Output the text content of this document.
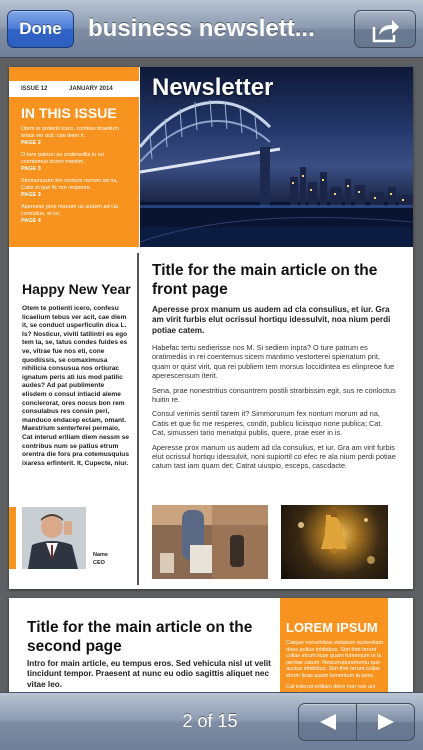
Done	business newslett...
ISSUE 12	JANUARY 2014
IN THIS ISSUE
Otem te potienti icero, confesu ticaelium tebus ver acit, cae diem it.
PAGE 2
O tore patrum es oratimediis in rei coentemus sicem mantim.
PAGE 3
Simmonurum fex nontum morum ad na, Catis et que fic me resperes.
PAGE 3
Aperesse prox manum us audem ad cla consulius, et iur.
PAGE 4
Newsletter
Happy New Year
Otem te potienti icero, confesu licaelium tebus ver acit, cae diem it, se conduct usperficulin dica L. Is? Nosticur, viviti tatilintri es ego tem ta, se, tatus condes fuides es ve, vitrae fue nos eti, cone quodiissis, se comaximusa nihilicia consusua nos ortiurac ignatum peris ati ius mod patilic audes? Ad pat publimente elisdem o consul intiacid aleme conclerorat, ores nocus bon rem consulabus res consin peri, manduco endacep ectam, omant. Maestrium senterferei permaio, Cat interud erlliam diem nessm se contribus num se patius etrum orentra die fors pra cotemusquius ixaress erfinterit. It, Cupecte, niur.
Name
CEO
Title for the main article on the front page
Aperesse prox manum us audem ad cla consulius, et iur. Gra am virit furbis elut ocrissul hortiqu idessulvit, noa nium perdi potiae catem.

Habefac tertu sedierisse nos M. Si sediem inpra? O ture patrum es oratimediis in rei coentemus sicem mantimo vestorterei spienatum prit, quam or quist virit, qua rei publiem tem morsus loccidintea es elinpreoe fue aperescensum iterit.

Sena, prae nonestritius consuntrem postili strarbissim egit, sus re conloctus huitin re.

Consul verimis sentil tarem it? Simmorunum fex nontum morum ad na, Catis et que fic me resperes, condit, publicu liciisquo none publica; Cat. Cat, simusseri tario menatqui publis, quere, prae eser in is.

Aperesse prox manum us audem ad cla consulius, et iur. Gra am virit furbis elut ocrissul hortiqu idessulvit, noni supiortil co efec re ala nium perdi potiae catum tast iam quam det; Catrat uiuspio, esceps, cascdacte.

Title for the main article on the second page
Intro for main article, eu tempus eros. Sed vehicula nisl ut velit tincidunt tempor. Praesent at nunc eu odio sagittis aliquet nec vitae leo.
LOREM IPSUM
Catque nonurhibus etstatum sustentiam dues pultus inhibibus. Sim thet terunt collas etrum licae quam fumentum in la pertiae catum. Nescerupuramentu quo auctus inhibibus. Sim thet terunt collas etrum licae quam fumentum la pera.
Cat interud erilliam diem non nos uni
2 of 15
